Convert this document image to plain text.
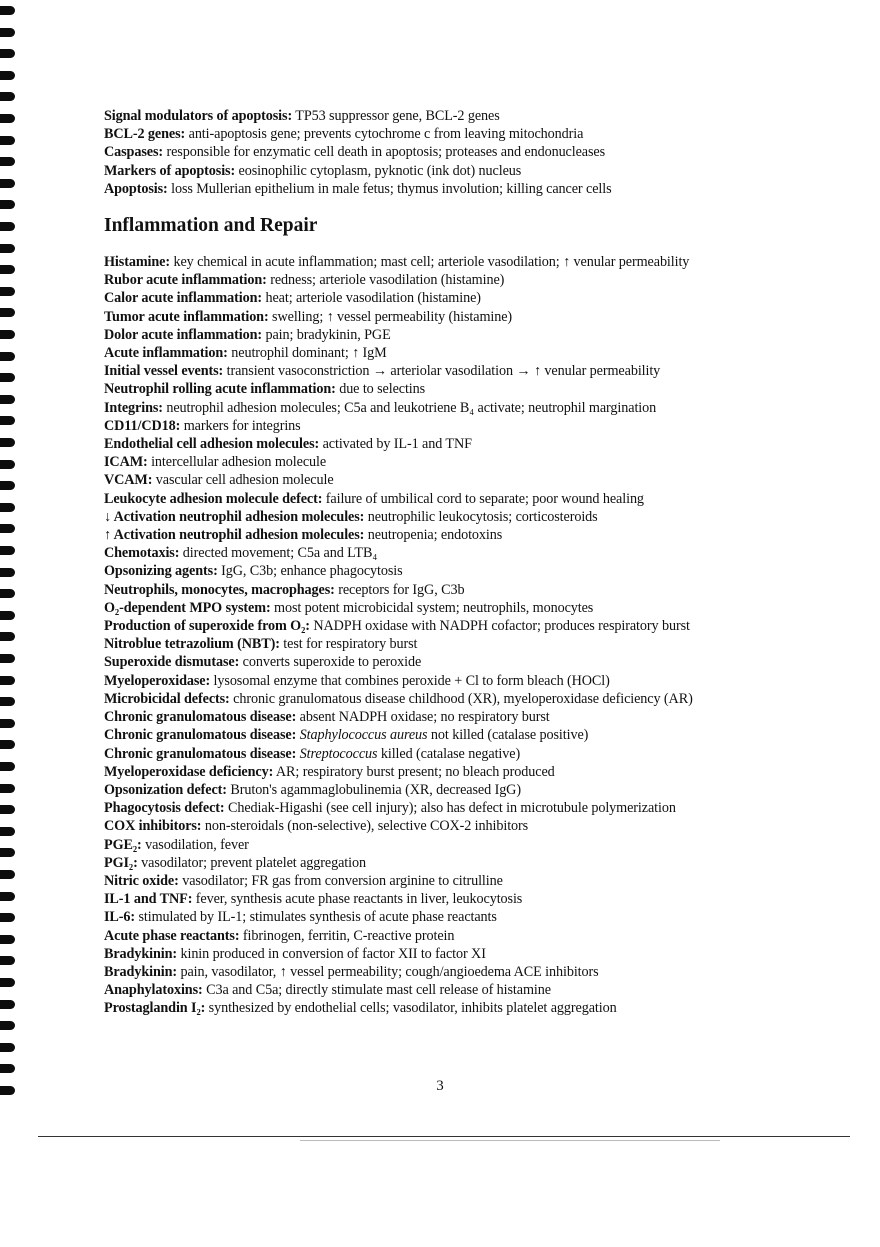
Signal modulators of apoptosis: TP53 suppressor gene, BCL-2 genes
BCL-2 genes: anti-apoptosis gene; prevents cytochrome c from leaving mitochondria
Caspases: responsible for enzymatic cell death in apoptosis; proteases and endonucleases
Markers of apoptosis: eosinophilic cytoplasm, pyknotic (ink dot) nucleus
Apoptosis: loss Mullerian epithelium in male fetus; thymus involution; killing cancer cells
Inflammation and Repair
Histamine: key chemical in acute inflammation; mast cell; arteriole vasodilation; ↑ venular permeability
Rubor acute inflammation: redness; arteriole vasodilation (histamine)
Calor acute inflammation: heat; arteriole vasodilation (histamine)
Tumor acute inflammation: swelling; ↑ vessel permeability (histamine)
Dolor acute inflammation: pain; bradykinin, PGE
Acute inflammation: neutrophil dominant; ↑ IgM
Initial vessel events: transient vasoconstriction → arteriolar vasodilation → ↑ venular permeability
Neutrophil rolling acute inflammation: due to selectins
Integrins: neutrophil adhesion molecules; C5a and leukotriene B₄ activate; neutrophil margination
CD11/CD18: markers for integrins
Endothelial cell adhesion molecules: activated by IL-1 and TNF
ICAM: intercellular adhesion molecule
VCAM: vascular cell adhesion molecule
Leukocyte adhesion molecule defect: failure of umbilical cord to separate; poor wound healing
↓ Activation neutrophil adhesion molecules: neutrophilic leukocytosis; corticosteroids
↑ Activation neutrophil adhesion molecules: neutropenia; endotoxins
Chemotaxis: directed movement; C5a and LTB₄
Opsonizing agents: IgG, C3b; enhance phagocytosis
Neutrophils, monocytes, macrophages: receptors for IgG, C3b
O₂-dependent MPO system: most potent microbicidal system; neutrophils, monocytes
Production of superoxide from O₂: NADPH oxidase with NADPH cofactor; produces respiratory burst
Nitroblue tetrazolium (NBT): test for respiratory burst
Superoxide dismutase: converts superoxide to peroxide
Myeloperoxidase: lysosomal enzyme that combines peroxide + Cl to form bleach (HOCl)
Microbicidal defects: chronic granulomatous disease childhood (XR), myeloperoxidase deficiency (AR)
Chronic granulomatous disease: absent NADPH oxidase; no respiratory burst
Chronic granulomatous disease: Staphylococcus aureus not killed (catalase positive)
Chronic granulomatous disease: Streptococcus killed (catalase negative)
Myeloperoxidase deficiency: AR; respiratory burst present; no bleach produced
Opsonization defect: Bruton's agammaglobulinemia (XR, decreased IgG)
Phagocytosis defect: Chediak-Higashi (see cell injury); also has defect in microtubule polymerization
COX inhibitors: non-steroidals (non-selective), selective COX-2 inhibitors
PGE₂: vasodilation, fever
PGI₂: vasodilator; prevent platelet aggregation
Nitric oxide: vasodilator; FR gas from conversion arginine to citrulline
IL-1 and TNF: fever, synthesis acute phase reactants in liver, leukocytosis
IL-6: stimulated by IL-1; stimulates synthesis of acute phase reactants
Acute phase reactants: fibrinogen, ferritin, C-reactive protein
Bradykinin: kinin produced in conversion of factor XII to factor XI
Bradykinin: pain, vasodilator, ↑ vessel permeability; cough/angioedema ACE inhibitors
Anaphylatoxins: C3a and C5a; directly stimulate mast cell release of histamine
Prostaglandin I₂: synthesized by endothelial cells; vasodilator, inhibits platelet aggregation
3
